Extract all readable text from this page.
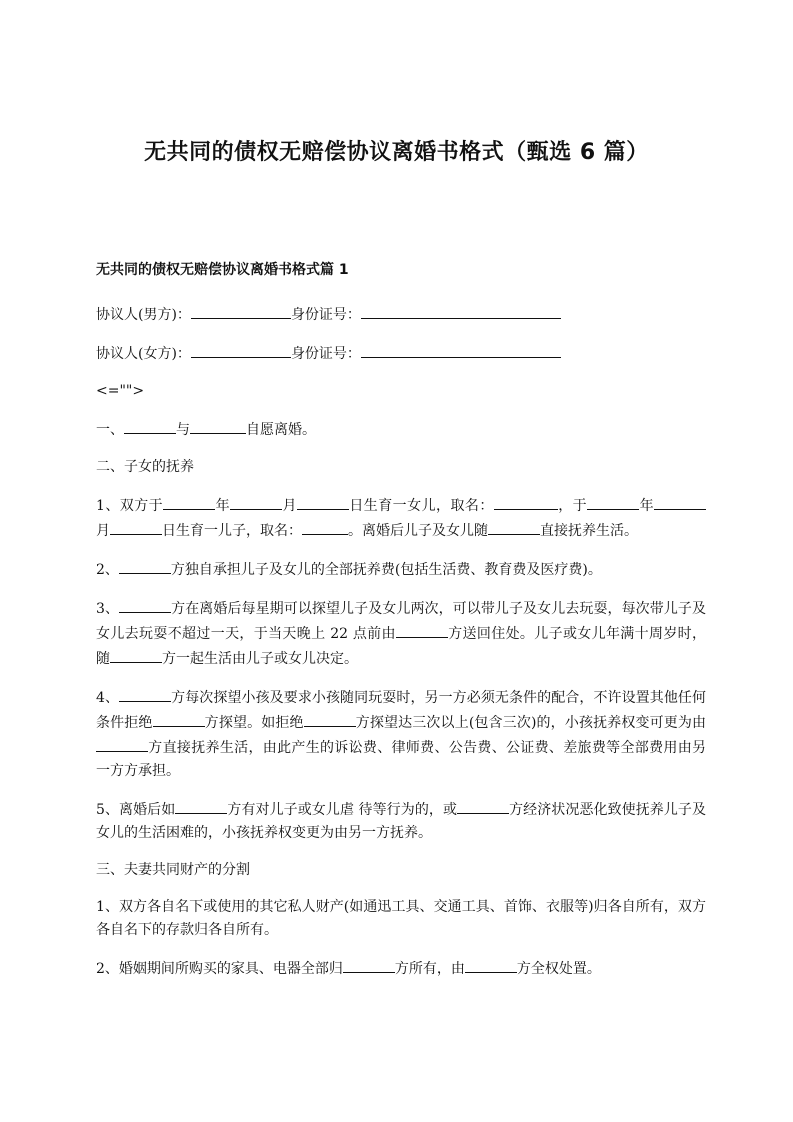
无共同的债权无赔偿协议离婚书格式（甄选 6 篇）
无共同的债权无赔偿协议离婚书格式篇 1
协议人(男方)：	身份证号：
协议人(女方)：	身份证号：
<="">
一、	与	自愿离婚。
二、子女的抚养
1、双方于	年	月	日生育一女儿，取名：	，于	年月	日生育一儿子，取名：	。离婚后儿子及女儿随	直接抚养生活。
2、	方独自承担儿子及女儿的全部抚养费(包括生活费、教育费及医疗费)。
3、	方在离婚后每星期可以探望儿子及女儿两次，可以带儿子及女儿去玩耍，每次带儿子及女儿去玩耍不超过一天，于当天晚上 22 点前由	方送回住处。儿子或女儿年满十周岁时，随	方一起生活由儿子或女儿决定。
4、	方每次探望小孩及要求小孩随同玩耍时，另一方必须无条件的配合，不许设置其他任何条件拒绝	方探望。如拒绝	方探望达三次以上(包含三次)的，小孩抚养权变可更为由方直接抚养生活，由此产生的诉讼费、律师费、公告费、公证费、差旅费等全部费用由另一方方承担。
5、离婚后如	方有对儿子或女儿虐 待等行为的，或	方经济状况恶化致使抚养儿子及女儿的生活困难的，小孩抚养权变更为由另一方抚养。
三、夫妻共同财产的分割
1、双方各自名下或使用的其它私人财产(如通迅工具、交通工具、首饰、衣服等)归各自所有，双方各自名下的存款归各自所有。
2、婚姻期间所购买的家具、电器全部归	方所有，由	方全权处置。
